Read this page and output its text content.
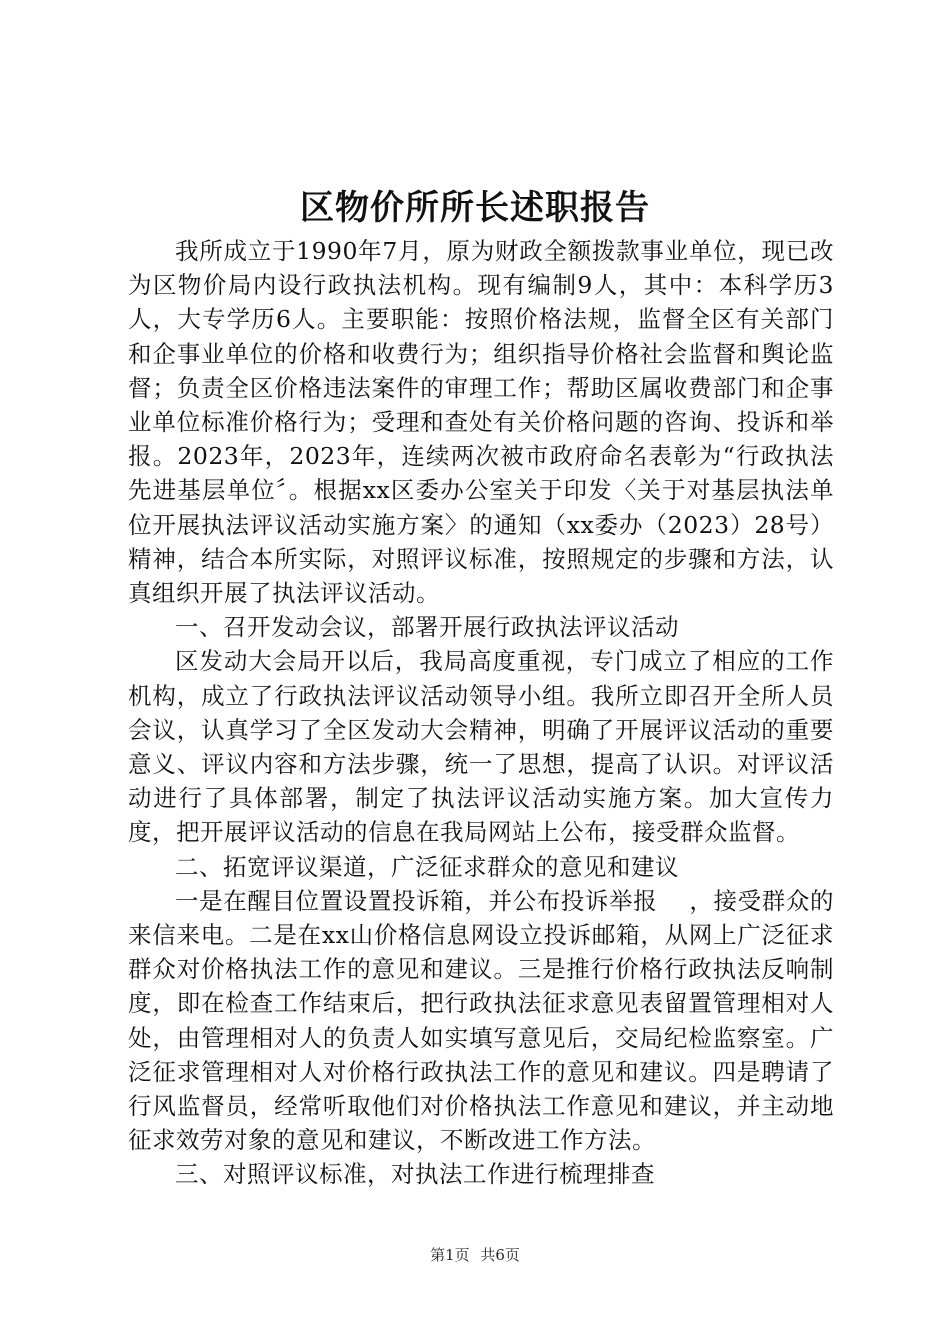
区物价所所长述职报告

我所成立于1990年7月，原为财政全额拨款事业单位，现已改为区物价局内设行政执法机构。现有编制9人，其中：本科学历3人，大专学历6人。主要职能：按照价格法规，监督全区有关部门和企事业单位的价格和收费行为；组织指导价格社会监督和舆论监督；负责全区价格违法案件的审理工作；帮助区属收费部门和企事业单位标准价格行为；受理和查处有关价格问题的咨询、投诉和举报。2023年，2023年，连续两次被市政府命名表彰为“行政执法先进基层单位〞。根据xx区委办公室关于印发〈关于对基层执法单位开展执法评议活动实施方案〉的通知（xx委办（2023）28号）精神，结合本所实际，对照评议标准，按照规定的步骤和方法，认真组织开展了执法评议活动。

一、召开发动会议，部署开展行政执法评议活动

区发动大会局开以后，我局高度重视，专门成立了相应的工作机构，成立了行政执法评议活动领导小组。我所立即召开全所人员会议，认真学习了全区发动大会精神，明确了开展评议活动的重要意义、评议内容和方法步骤，统一了思想，提高了认识。对评议活动进行了具体部署，制定了执法评议活动实施方案。加大宣传力度，把开展评议活动的信息在我局网站上公布，接受群众监督。

二、拓宽评议渠道，广泛征求群众的意见和建议

一是在醒目位置设置投诉箱，并公布投诉举报　 ，接受群众的来信来电。二是在xx山价格信息网设立投诉邮箱，从网上广泛征求群众对价格执法工作的意见和建议。三是推行价格行政执法反响制度，即在检查工作结束后，把行政执法征求意见表留置管理相对人处，由管理相对人的负责人如实填写意见后，交局纪检监察室。广泛征求管理相对人对价格行政执法工作的意见和建议。四是聘请了行风监督员，经常听取他们对价格执法工作意见和建议，并主动地征求效劳对象的意见和建议，不断改进工作方法。

三、对照评议标准，对执法工作进行梳理排查

第1页 共6页
